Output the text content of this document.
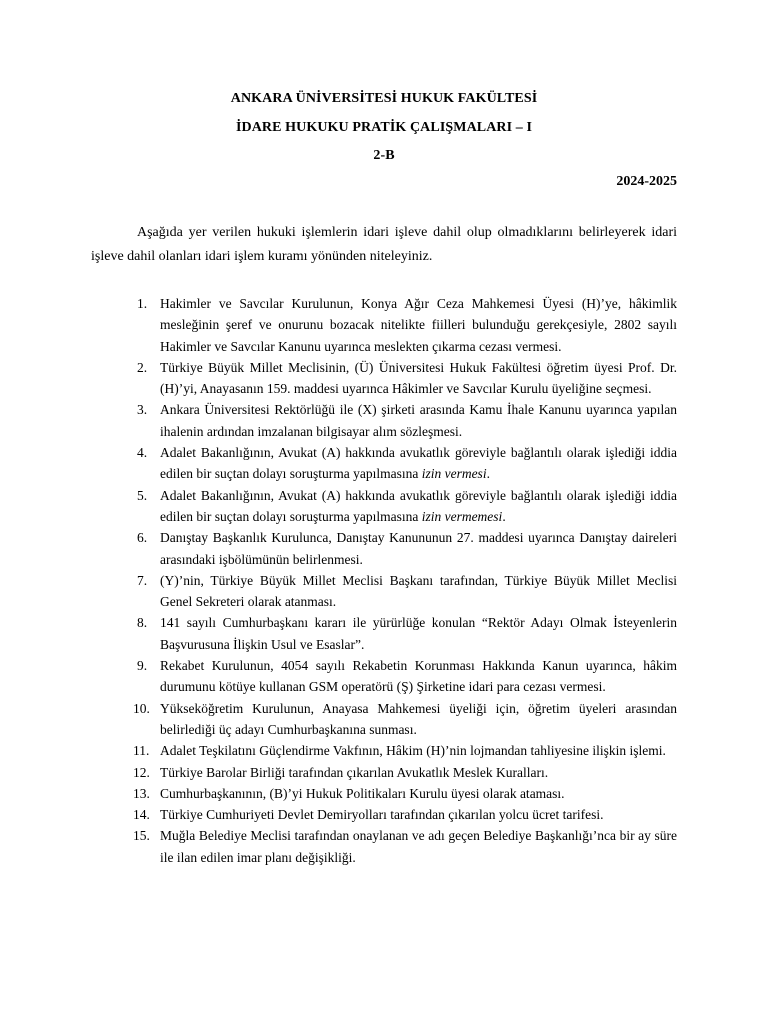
ANKARA ÜNİVERSİTESİ HUKUK FAKÜLTESİ
İDARE HUKUKU PRATİK ÇALIŞMALARI – I
2-B
2024-2025

Aşağıda yer verilen hukuki işlemlerin idari işleve dahil olup olmadıklarını belirleyerek idari işleve dahil olanları idari işlem kuramı yönünden niteleyiniz.

1. Hakimler ve Savcılar Kurulunun, Konya Ağır Ceza Mahkemesi Üyesi (H)’ye, hâkimlik mesleğinin şeref ve onurunu bozacak nitelikte fiilleri bulunduğu gerekçesiyle, 2802 sayılı Hakimler ve Savcılar Kanunu uyarınca meslekten çıkarma cezası vermesi.
2. Türkiye Büyük Millet Meclisinin, (Ü) Üniversitesi Hukuk Fakültesi öğretim üyesi Prof. Dr. (H)’yi, Anayasanın 159. maddesi uyarınca Hâkimler ve Savcılar Kurulu üyeliğine seçmesi.
3. Ankara Üniversitesi Rektörlüğü ile (X) şirketi arasında Kamu İhale Kanunu uyarınca yapılan ihalenin ardından imzalanan bilgisayar alım sözleşmesi.
4. Adalet Bakanlığının, Avukat (A) hakkında avukatlık göreviyle bağlantılı olarak işlediği iddia edilen bir suçtan dolayı soruşturma yapılmasına izin vermesi.
5. Adalet Bakanlığının, Avukat (A) hakkında avukatlık göreviyle bağlantılı olarak işlediği iddia edilen bir suçtan dolayı soruşturma yapılmasına izin vermemesi.
6. Danıştay Başkanlık Kurulunca, Danıştay Kanununun 27. maddesi uyarınca Danıştay daireleri arasındaki işbölümünün belirlenmesi.
7. (Y)’nin, Türkiye Büyük Millet Meclisi Başkanı tarafından, Türkiye Büyük Millet Meclisi Genel Sekreteri olarak atanması.
8. 141 sayılı Cumhurbaşkanı kararı ile yürürlüğe konulan “Rektör Adayı Olmak İsteyenlerin Başvurusuna İlişkin Usul ve Esaslar”.
9. Rekabet Kurulunun, 4054 sayılı Rekabetin Korunması Hakkında Kanun uyarınca, hâkim durumunu kötüye kullanan GSM operatörü (Ş) Şirketine idari para cezası vermesi.
10. Yükseköğretim Kurulunun, Anayasa Mahkemesi üyeliği için, öğretim üyeleri arasından belirlediği üç adayı Cumhurbaşkanına sunması.
11. Adalet Teşkilatını Güçlendirme Vakfının, Hâkim (H)’nin lojmandan tahliyesine ilişkin işlemi.
12. Türkiye Barolar Birliği tarafından çıkarılan Avukatlık Meslek Kuralları.
13. Cumhurbaşkanının, (B)’yi Hukuk Politikaları Kurulu üyesi olarak ataması.
14. Türkiye Cumhuriyeti Devlet Demiryolları tarafından çıkarılan yolcu ücret tarifesi.
15. Muğla Belediye Meclisi tarafından onaylanan ve adı geçen Belediye Başkanlığı’nca bir ay süre ile ilan edilen imar planı değişikliği.
